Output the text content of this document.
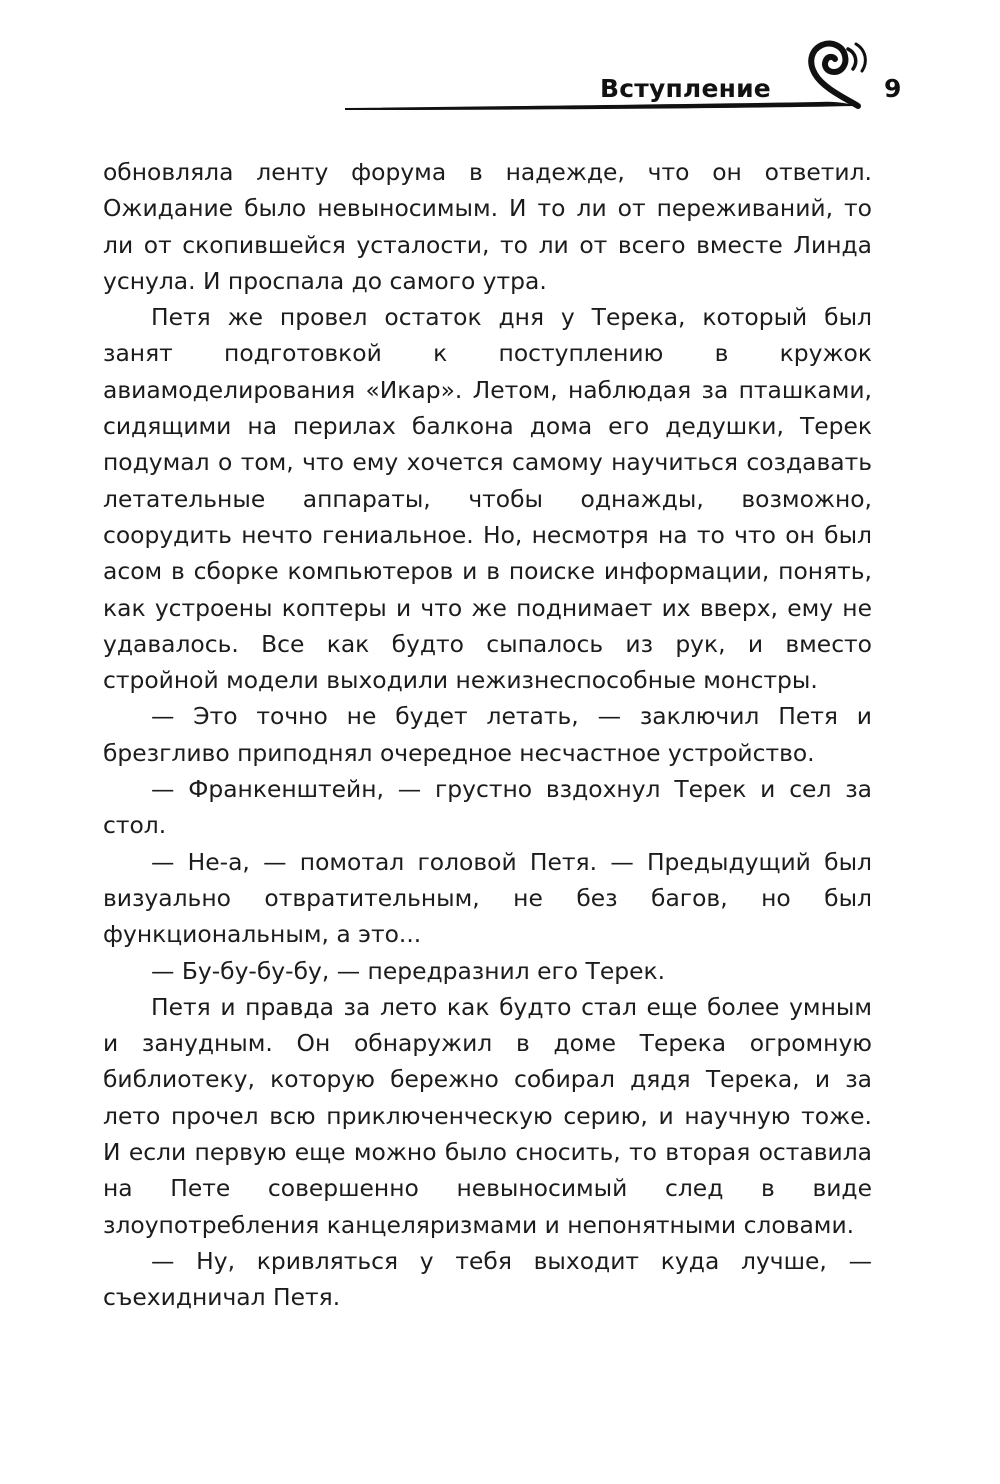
Вступление	9

обновляла ленту форума в надежде, что он ответил. Ожидание было невыносимым. И то ли от переживаний, то ли от скопившейся усталости, то ли от всего вместе Линда уснула. И проспала до самого утра.

Петя же провел остаток дня у Терека, который был занят подготовкой к поступлению в кружок авиамоделирования «Икар». Летом, наблюдая за пташками, сидящими на перилах балкона дома его дедушки, Терек подумал о том, что ему хочется самому научиться создавать летательные аппараты, чтобы однажды, возможно, соорудить нечто гениальное. Но, несмотря на то что он был асом в сборке компьютеров и в поиске информации, понять, как устроены коптеры и что же поднимает их вверх, ему не удавалось. Все как будто сыпалось из рук, и вместо стройной модели выходили нежизнеспособные монстры.

— Это точно не будет летать, — заключил Петя и брезгливо приподнял очередное несчастное устройство.

— Франкенштейн, — грустно вздохнул Терек и сел за стол.

— Не-а, — помотал головой Петя. — Предыдущий был визуально отвратительным, не без багов, но был функциональным, а это...

— Бу-бу-бу-бу, — передразнил его Терек.

Петя и правда за лето как будто стал еще более умным и занудным. Он обнаружил в доме Терека огромную библиотеку, которую бережно собирал дядя Терека, и за лето прочел всю приключенческую серию, и научную тоже. И если первую еще можно было сносить, то вторая оставила на Пете совершенно невыносимый след в виде злоупотребления канцеляризмами и непонятными словами.

— Ну, кривляться у тебя выходит куда лучше, — съехидничал Петя.
